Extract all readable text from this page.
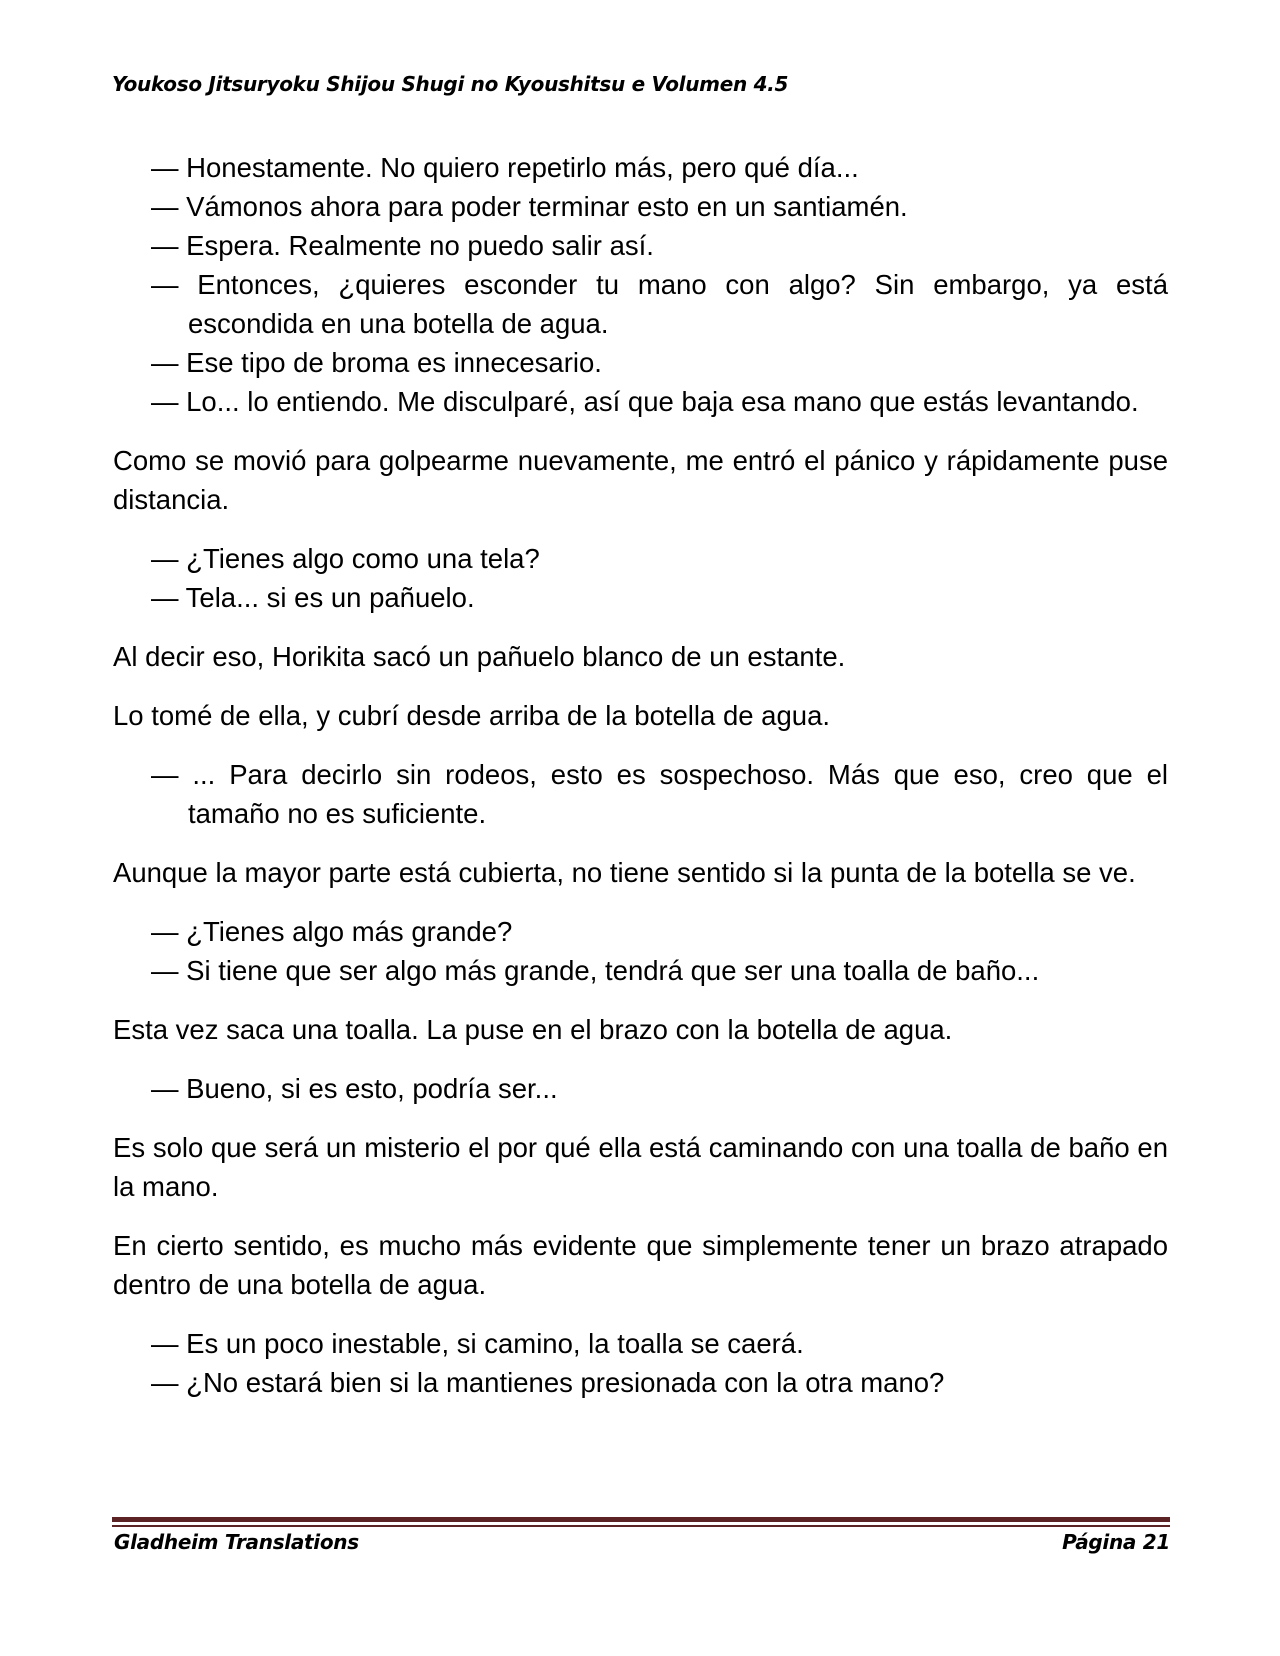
Youkoso Jitsuryoku Shijou Shugi no Kyoushitsu e Volumen 4.5

— Honestamente. No quiero repetirlo más, pero qué día...

— Vámonos ahora para poder terminar esto en un santiamén.

— Espera. Realmente no puedo salir así.

— Entonces, ¿quieres esconder tu mano con algo? Sin embargo, ya está escondida en una botella de agua.

— Ese tipo de broma es innecesario.

— Lo... lo entiendo. Me disculparé, así que baja esa mano que estás levantando.

Como se movió para golpearme nuevamente, me entró el pánico y rápidamente puse distancia.

— ¿Tienes algo como una tela?

— Tela... si es un pañuelo.

Al decir eso, Horikita sacó un pañuelo blanco de un estante.

Lo tomé de ella, y cubrí desde arriba de la botella de agua.

— ... Para decirlo sin rodeos, esto es sospechoso. Más que eso, creo que el tamaño no es suficiente.

Aunque la mayor parte está cubierta, no tiene sentido si la punta de la botella se ve.

— ¿Tienes algo más grande?

— Si tiene que ser algo más grande, tendrá que ser una toalla de baño...

Esta vez saca una toalla. La puse en el brazo con la botella de agua.

— Bueno, si es esto, podría ser...

Es solo que será un misterio el por qué ella está caminando con una toalla de baño en la mano.

En cierto sentido, es mucho más evidente que simplemente tener un brazo atrapado dentro de una botella de agua.

— Es un poco inestable, si camino, la toalla se caerá.

— ¿No estará bien si la mantienes presionada con la otra mano?

Gladheim Translations	Página 21
